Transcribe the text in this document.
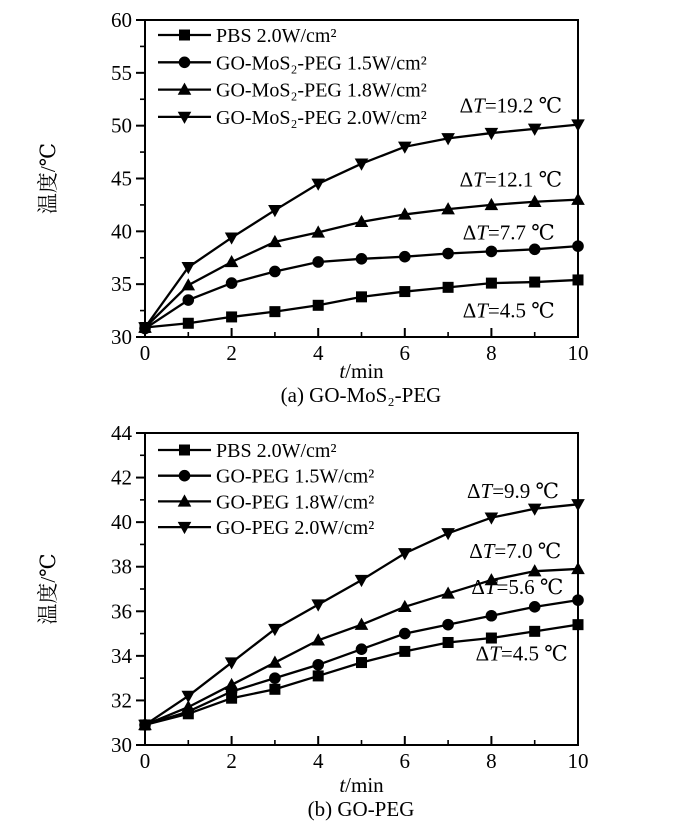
30
35
40
45
50
55
60
0	2	4	6	8	10
PBS 2.0W/cm²
GO-MoS₂-PEG 1.5W/cm²
GO-MoS₂-PEG 1.8W/cm²
GO-MoS₂-PEG 2.0W/cm²
ΔT=19.2 ℃
ΔT=12.1 ℃
ΔT=7.7 ℃
ΔT=4.5 ℃
t/min
温度/℃
(a) GO-MoS₂-PEG
30
32
34
36
38
40
42
44
0	2	4	6	8	10
PBS 2.0W/cm²
GO-PEG 1.5W/cm²
GO-PEG 1.8W/cm²
GO-PEG 2.0W/cm²
ΔT=9.9 ℃
ΔT=7.0 ℃
ΔT=5.6 ℃
ΔT=4.5 ℃
t/min
温度/℃
(b) GO-PEG
